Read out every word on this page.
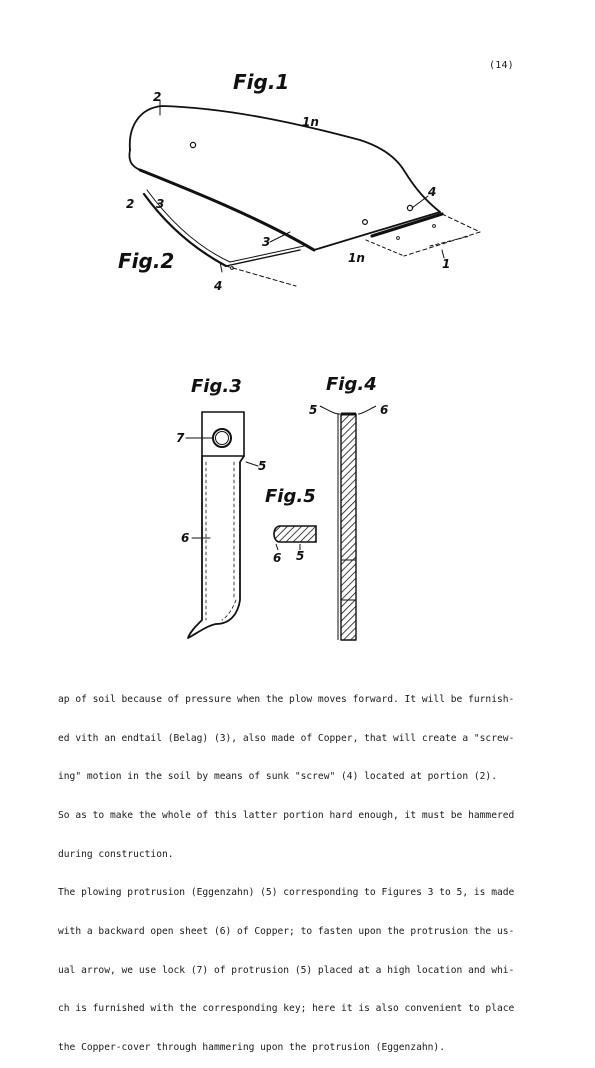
(14)
Fig.1
Fig.2
Fig.3	Fig.4
Fig.5
2
1n
4
3
1n	1
2 3
4
7
5
6
5	6
6 5

ap of soil because of pressure when the plow moves forward. It will be furnish-

ed vith an endtail (Belag) (3), also made of Copper, that will create a "screw-

ing" motion in the soil by means of sunk "screw" (4) located at portion (2).

So as to make the whole of this latter portion hard enough, it must be hammered

during construction.

The plowing protrusion (Eggenzahn) (5) corresponding to Figures 3 to 5, is made

with a backward open sheet (6) of Copper; to fasten upon the protrusion the us-

ual arrow, we use lock (7) of protrusion (5) placed at a high location and whi-

ch is furnished with the corresponding key; here it is also convenient to place

the Copper-cover through hammering upon the protrusion (Eggenzahn).
